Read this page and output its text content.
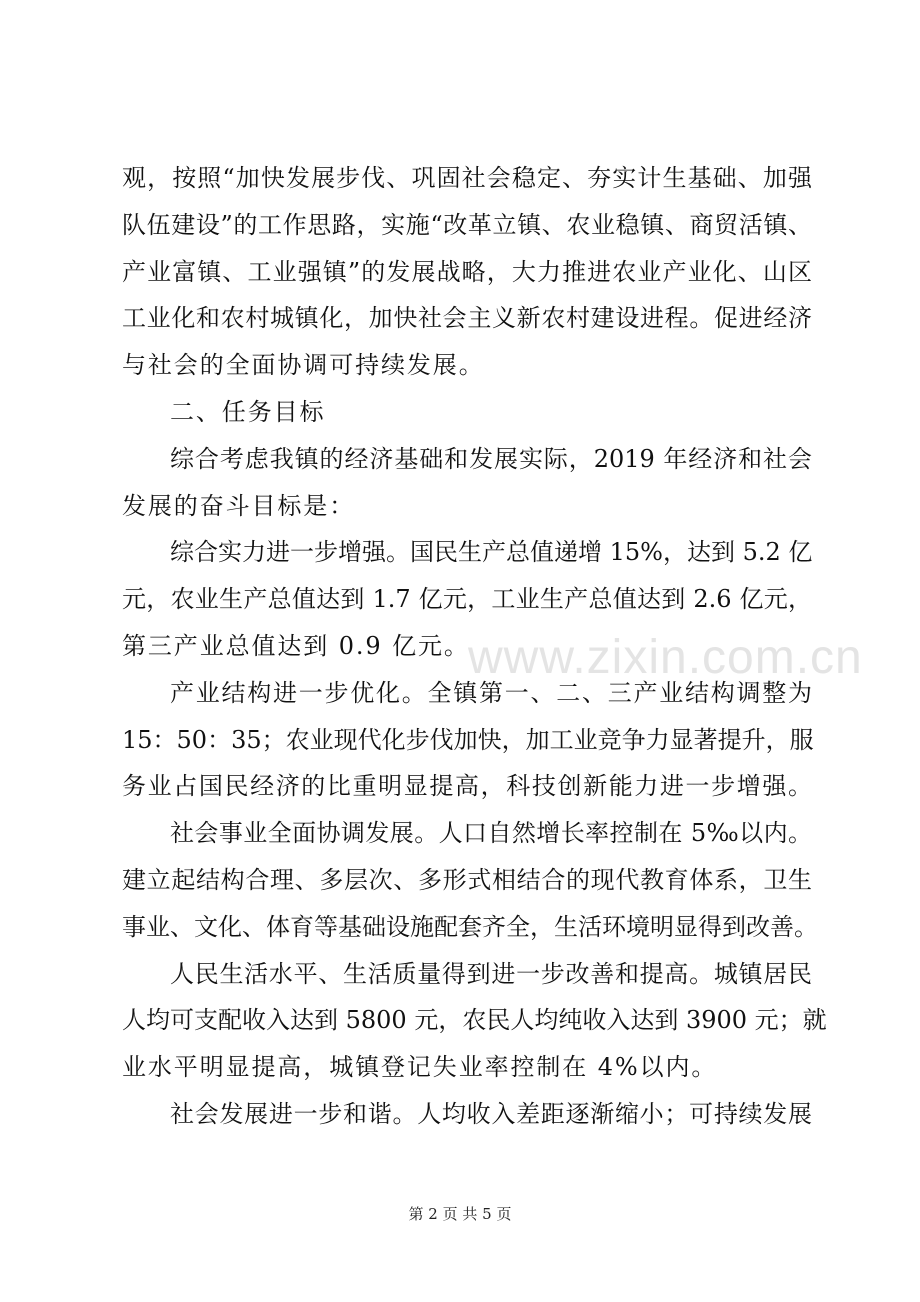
观，按照“加快发展步伐、巩固社会稳定、夯实计生基础、加强
队伍建设”的工作思路，实施“改革立镇、农业稳镇、商贸活镇、
产业富镇、工业强镇”的发展战略，大力推进农业产业化、山区
工业化和农村城镇化，加快社会主义新农村建设进程。促进经济
与社会的全面协调可持续发展。
二、任务目标
综合考虑我镇的经济基础和发展实际，2019 年经济和社会
发展的奋斗目标是：
综合实力进一步增强。国民生产总值递增 15%，达到 5.2 亿
元，农业生产总值达到 1.7 亿元，工业生产总值达到 2.6 亿元，
第三产业总值达到 0.9 亿元。
产业结构进一步优化。全镇第一、二、三产业结构调整为
15：50：35；农业现代化步伐加快，加工业竞争力显著提升，服
务业占国民经济的比重明显提高，科技创新能力进一步增强。
社会事业全面协调发展。人口自然增长率控制在 5‰以内。
建立起结构合理、多层次、多形式相结合的现代教育体系，卫生
事业、文化、体育等基础设施配套齐全，生活环境明显得到改善。
人民生活水平、生活质量得到进一步改善和提高。城镇居民
人均可支配收入达到 5800 元，农民人均纯收入达到 3900 元；就
业水平明显提高，城镇登记失业率控制在 4%以内。
社会发展进一步和谐。人均收入差距逐渐缩小；可持续发展
www.zixin.com.cn
第 2 页 共 5 页
